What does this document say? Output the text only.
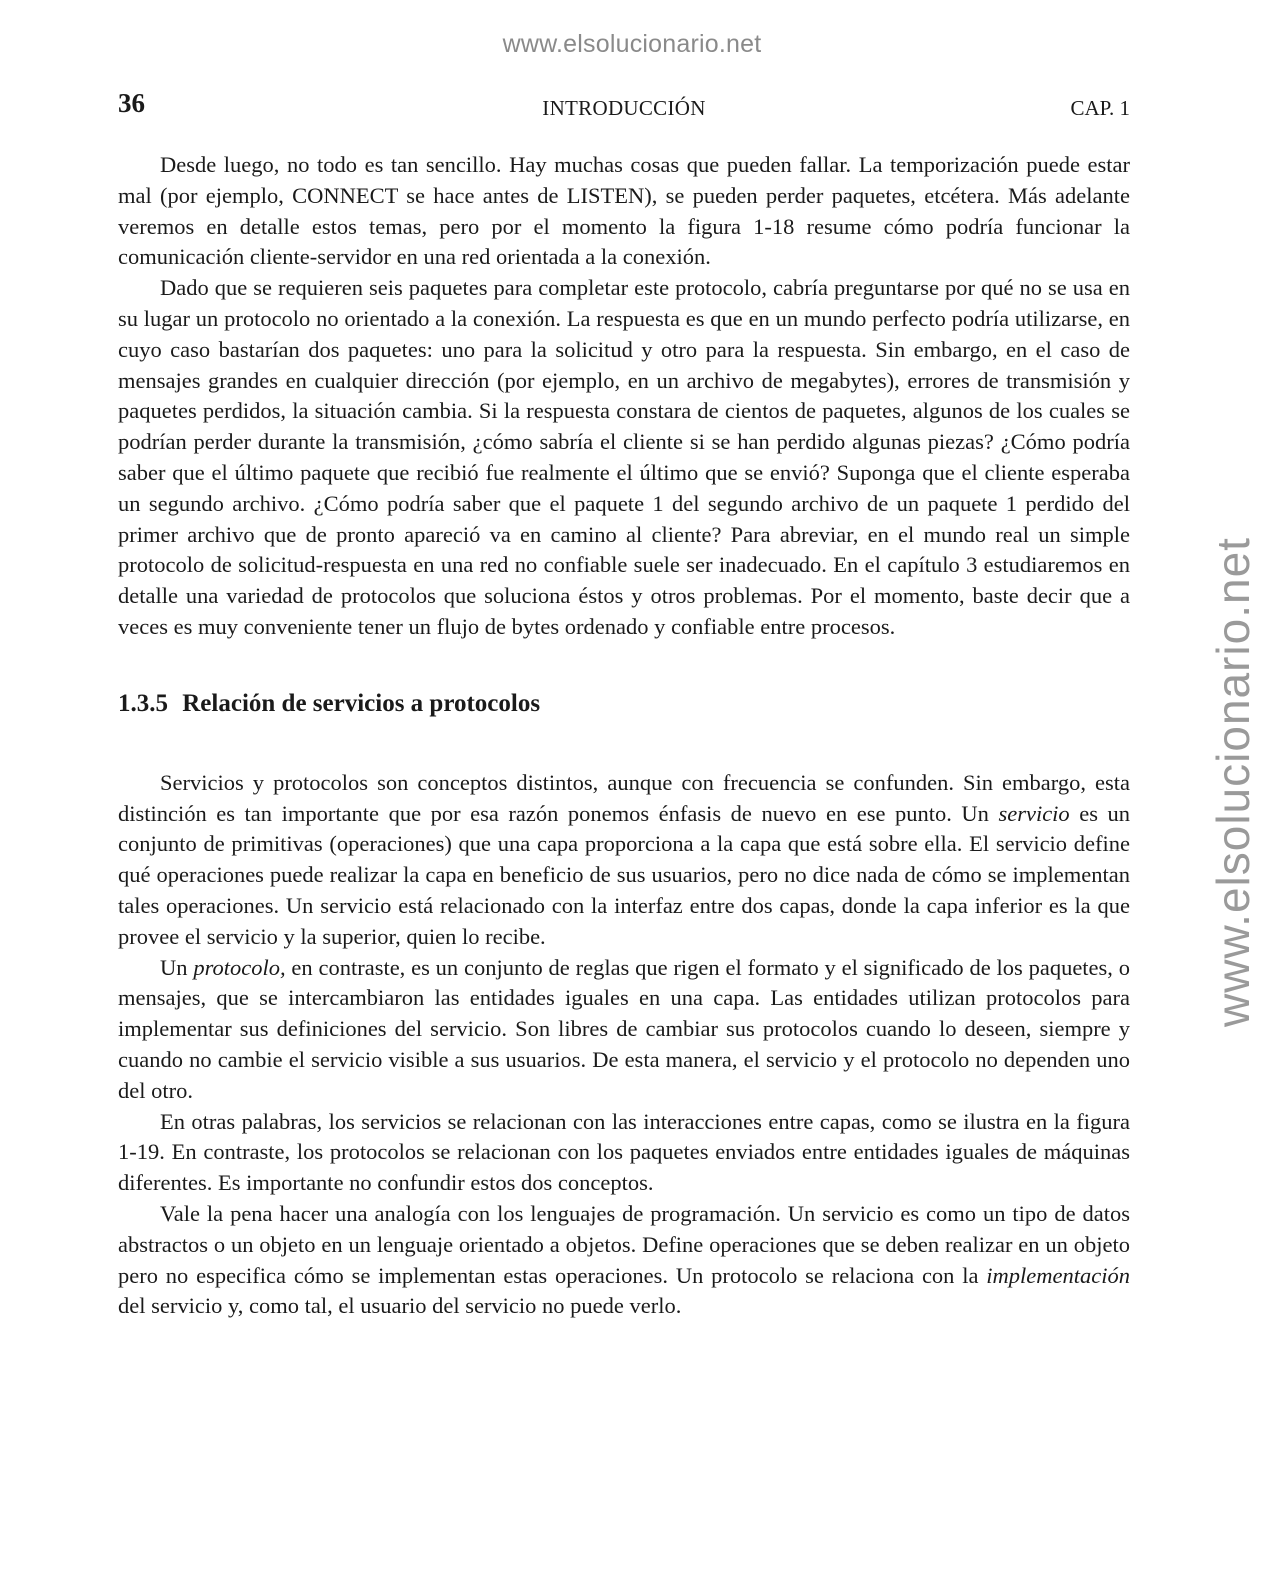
www.elsolucionario.net
www.elsolucionario.net
36	INTRODUCCIÓN	CAP. 1

Desde luego, no todo es tan sencillo. Hay muchas cosas que pueden fallar. La temporización puede estar mal (por ejemplo, CONNECT se hace antes de LISTEN), se pueden perder paquetes, etcétera. Más adelante veremos en detalle estos temas, pero por el momento la figura 1-18 resume cómo podría funcionar la comunicación cliente-servidor en una red orientada a la conexión.

Dado que se requieren seis paquetes para completar este protocolo, cabría preguntarse por qué no se usa en su lugar un protocolo no orientado a la conexión. La respuesta es que en un mundo perfecto podría utilizarse, en cuyo caso bastarían dos paquetes: uno para la solicitud y otro para la respuesta. Sin embargo, en el caso de mensajes grandes en cualquier dirección (por ejemplo, en un archivo de megabytes), errores de transmisión y paquetes perdidos, la situación cambia. Si la respuesta constara de cientos de paquetes, algunos de los cuales se podrían perder durante la transmisión, ¿cómo sabría el cliente si se han perdido algunas piezas? ¿Cómo podría saber que el último paquete que recibió fue realmente el último que se envió? Suponga que el cliente esperaba un segundo archivo. ¿Cómo podría saber que el paquete 1 del segundo archivo de un paquete 1 perdido del primer archivo que de pronto apareció va en camino al cliente? Para abreviar, en el mundo real un simple protocolo de solicitud-respuesta en una red no confiable suele ser inadecuado. En el capítulo 3 estudiaremos en detalle una variedad de protocolos que soluciona éstos y otros problemas. Por el momento, baste decir que a veces es muy conveniente tener un flujo de bytes ordenado y confiable entre procesos.

1.3.5 Relación de servicios a protocolos

Servicios y protocolos son conceptos distintos, aunque con frecuencia se confunden. Sin embargo, esta distinción es tan importante que por esa razón ponemos énfasis de nuevo en ese punto. Un servicio es un conjunto de primitivas (operaciones) que una capa proporciona a la capa que está sobre ella. El servicio define qué operaciones puede realizar la capa en beneficio de sus usuarios, pero no dice nada de cómo se implementan tales operaciones. Un servicio está relacionado con la interfaz entre dos capas, donde la capa inferior es la que provee el servicio y la superior, quien lo recibe.

Un protocolo, en contraste, es un conjunto de reglas que rigen el formato y el significado de los paquetes, o mensajes, que se intercambiaron las entidades iguales en una capa. Las entidades utilizan protocolos para implementar sus definiciones del servicio. Son libres de cambiar sus protocolos cuando lo deseen, siempre y cuando no cambie el servicio visible a sus usuarios. De esta manera, el servicio y el protocolo no dependen uno del otro.

En otras palabras, los servicios se relacionan con las interacciones entre capas, como se ilustra en la figura 1-19. En contraste, los protocolos se relacionan con los paquetes enviados entre entidades iguales de máquinas diferentes. Es importante no confundir estos dos conceptos.

Vale la pena hacer una analogía con los lenguajes de programación. Un servicio es como un tipo de datos abstractos o un objeto en un lenguaje orientado a objetos. Define operaciones que se deben realizar en un objeto pero no especifica cómo se implementan estas operaciones. Un protocolo se relaciona con la implementación del servicio y, como tal, el usuario del servicio no puede verlo.
